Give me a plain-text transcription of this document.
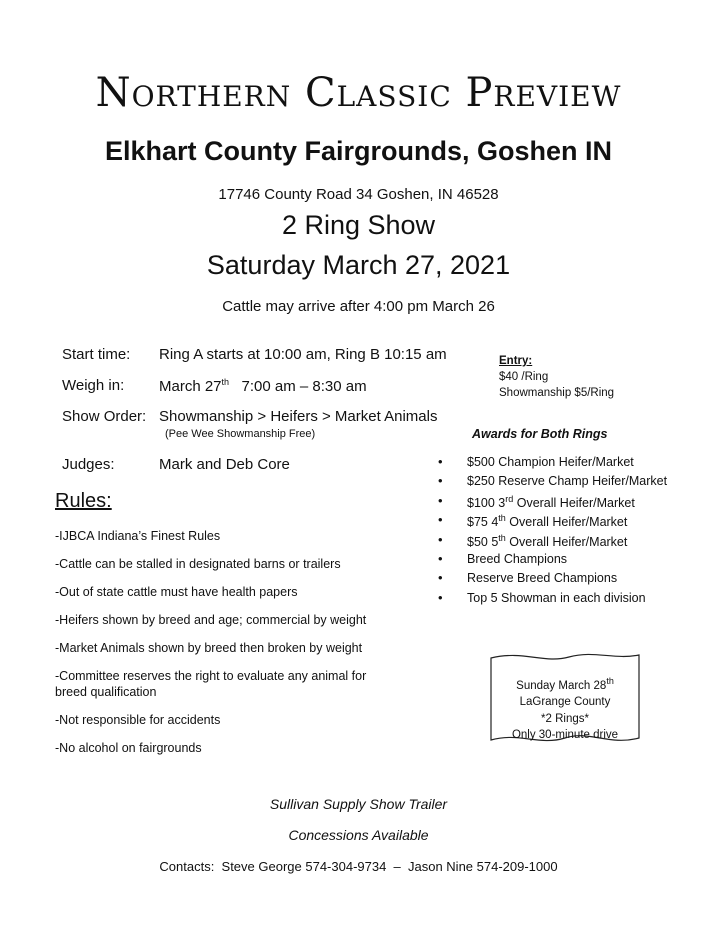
Northern Classic Preview
Elkhart County Fairgrounds, Goshen IN
17746 County Road 34 Goshen, IN 46528
2 Ring Show
Saturday March 27, 2021
Cattle may arrive after 4:00 pm March 26
Start time: Ring A starts at 10:00 am, Ring B 10:15 am
Weigh in: March 27th   7:00 am – 8:30 am
Show Order: Showmanship > Heifers > Market Animals
(Pee Wee Showmanship Free)
Judges:	Mark and Deb Core
Entry:
$40 /Ring
Showmanship $5/Ring
Awards for Both Rings
• $500 Champion Heifer/Market
• $250 Reserve Champ Heifer/Market
• $100 3rd Overall Heifer/Market
• $75 4th Overall Heifer/Market
• $50 5th Overall Heifer/Market
• Breed Champions
• Reserve Breed Champions
• Top 5 Showman in each division
Rules:
-IJBCA Indiana’s Finest Rules
-Cattle can be stalled in designated barns or trailers
-Out of state cattle must have health papers
-Heifers shown by breed and age; commercial by weight
-Market Animals shown by breed then broken by weight
-Committee reserves the right to evaluate any animal for breed qualification
-Not responsible for accidents
-No alcohol on fairgrounds
Sunday March 28th
LaGrange County
*2 Rings*
Only 30-minute drive
Sullivan Supply Show Trailer
Concessions Available
Contacts:  Steve George 574-304-9734  –  Jason Nine 574-209-1000
